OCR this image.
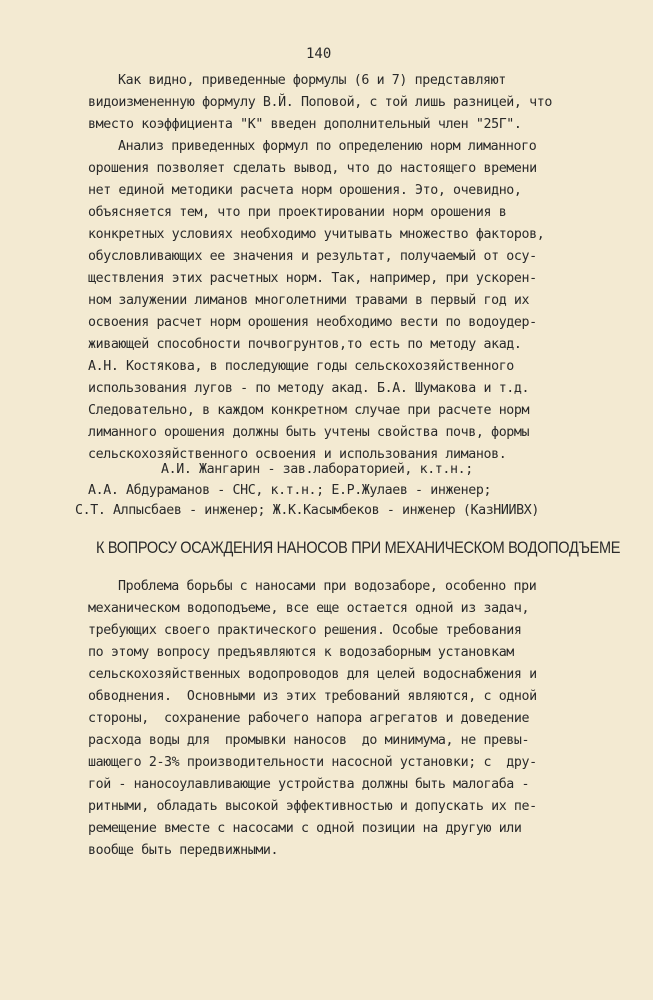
140
Как видно, приведенные формулы (6 и 7) представляют
видоизмененную формулу В.Й. Поповой, с той лишь разницей, что
вместо коэффициента "К" введен дополнительный член "25Г".
Анализ приведенных формул по определению норм лиманного
орошения позволяет сделать вывод, что до настоящего времени
нет единой методики расчета норм орошения. Это, очевидно,
объясняется тем, что при проектировании норм орошения в
конкретных условиях необходимо учитывать множество факторов,
обусловливающих ее значения и результат, получаемый от осу-
ществления этих расчетных норм. Так, например, при ускорен-
ном залужении лиманов многолетними травами в первый год их
освоения расчет норм орошения необходимо вести по водоудер-
живающей способности почвогрунтов,то есть по методу акад.
А.Н. Костякова, в последующие годы сельскохозяйственного
использования лугов - по методу акад. Б.А. Шумакова и т.д.
Следовательно, в каждом конкретном случае при расчете норм
лиманного орошения должны быть учтены свойства почв, формы
сельскохозяйственного освоения и использования лиманов.
А.И. Жангарин - зав.лабораторией, к.т.н.;
А.А. Абдураманов - СНС, к.т.н.; Е.Р.Жулаев - инженер;
С.Т. Алпысбаев - инженер; Ж.К.Касымбеков - инженер (КазНИИВХ)
К ВОПРОСУ ОСАЖДЕНИЯ НАНОСОВ ПРИ МЕХАНИЧЕСКОМ ВОДОПОДЪЕМЕ
Проблема борьбы с наносами при водозаборе, особенно при
механическом водоподъеме, все еще остается одной из задач,
требующих своего практического решения. Особые требования
по этому вопросу предъявляются к водозаборным установкам
сельскохозяйственных водопроводов для целей водоснабжения и
обводнения.  Основными из этих требований являются, с одной
стороны,  сохранение рабочего напора агрегатов и доведение
расхода воды для  промывки наносов  до минимума, не превы-
шающего 2-3% производительности насосной установки; с  дру-
гой - наносоулавливающие устройства должны быть малогаба -
ритными, обладать высокой эффективностью и допускать их пе-
ремещение вместе с насосами с одной позиции на другую или
вообще быть передвижными.
